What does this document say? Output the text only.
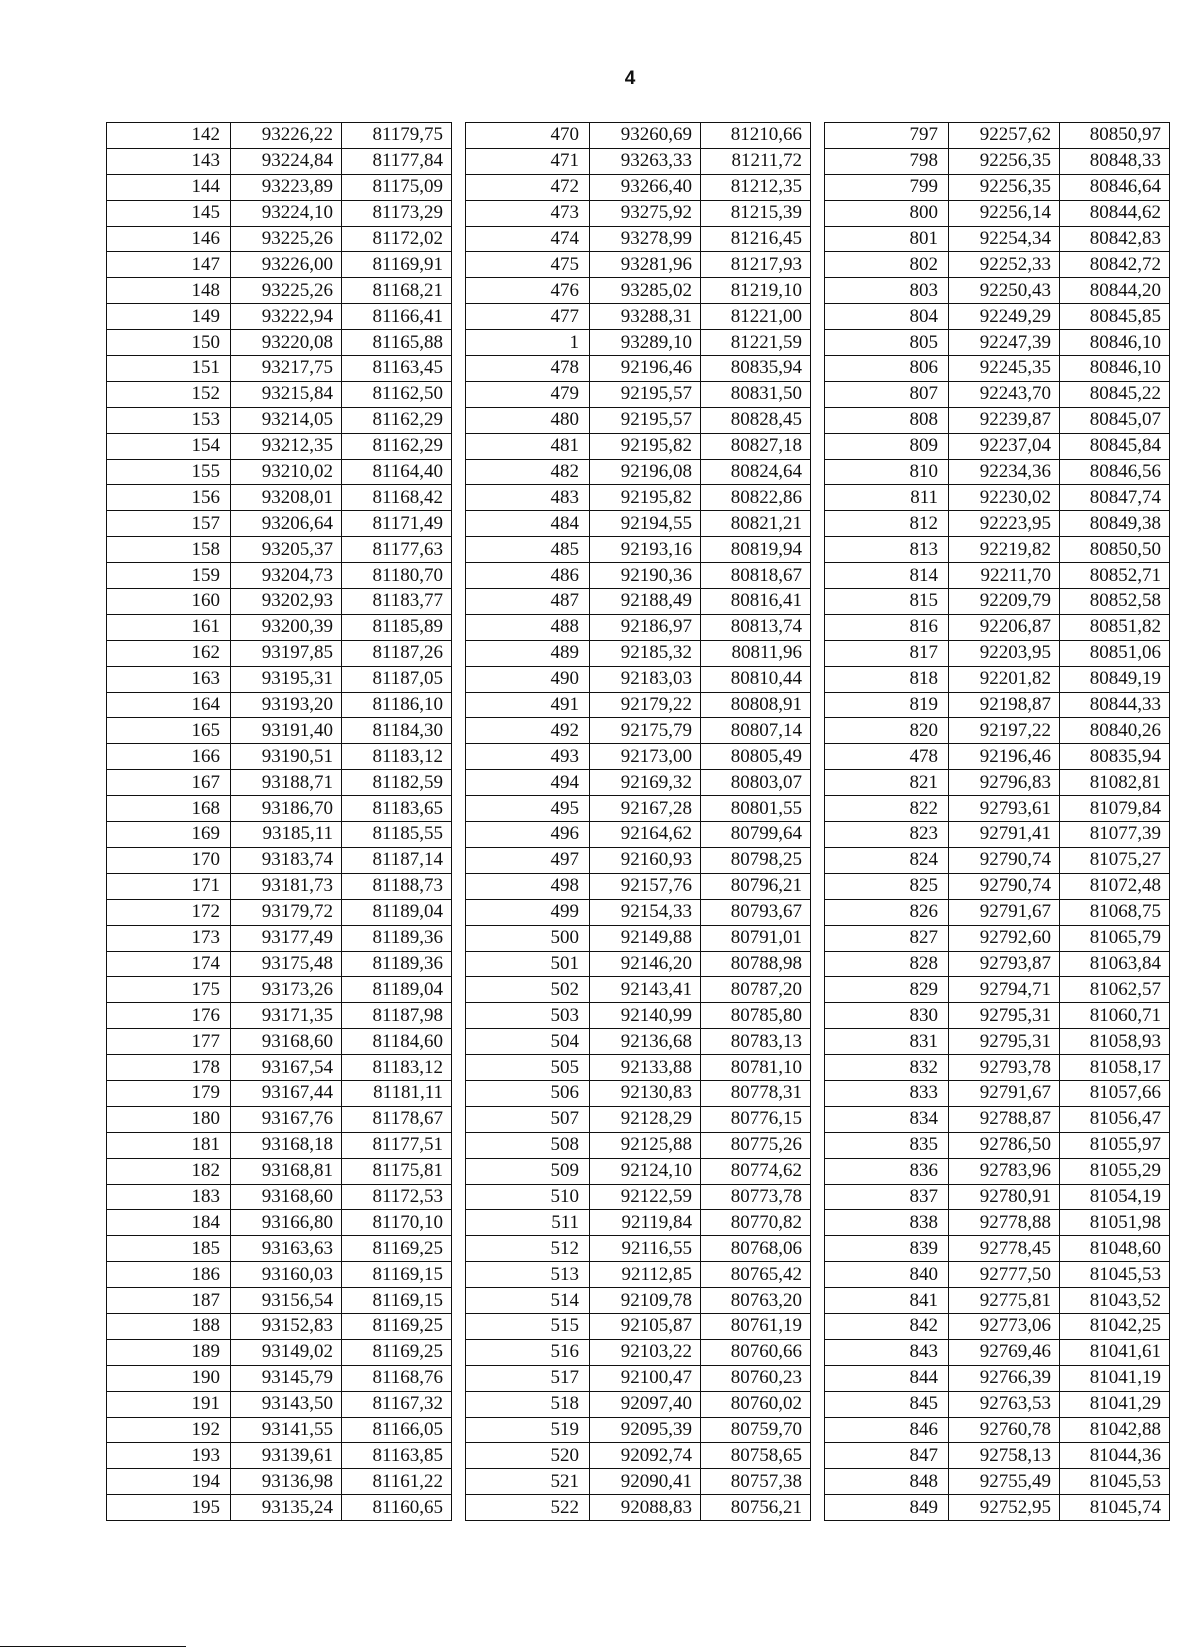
4
142	93226,22	81179,75
143	93224,84	81177,84
144	93223,89	81175,09
145	93224,10	81173,29
146	93225,26	81172,02
147	93226,00	81169,91
148	93225,26	81168,21
149	93222,94	81166,41
150	93220,08	81165,88
151	93217,75	81163,45
152	93215,84	81162,50
153	93214,05	81162,29
154	93212,35	81162,29
155	93210,02	81164,40
156	93208,01	81168,42
157	93206,64	81171,49
158	93205,37	81177,63
159	93204,73	81180,70
160	93202,93	81183,77
161	93200,39	81185,89
162	93197,85	81187,26
163	93195,31	81187,05
164	93193,20	81186,10
165	93191,40	81184,30
166	93190,51	81183,12
167	93188,71	81182,59
168	93186,70	81183,65
169	93185,11	81185,55
170	93183,74	81187,14
171	93181,73	81188,73
172	93179,72	81189,04
173	93177,49	81189,36
174	93175,48	81189,36
175	93173,26	81189,04
176	93171,35	81187,98
177	93168,60	81184,60
178	93167,54	81183,12
179	93167,44	81181,11
180	93167,76	81178,67
181	93168,18	81177,51
182	93168,81	81175,81
183	93168,60	81172,53
184	93166,80	81170,10
185	93163,63	81169,25
186	93160,03	81169,15
187	93156,54	81169,15
188	93152,83	81169,25
189	93149,02	81169,25
190	93145,79	81168,76
191	93143,50	81167,32
192	93141,55	81166,05
193	93139,61	81163,85
194	93136,98	81161,22
195	93135,24	81160,65
470	93260,69	81210,66
471	93263,33	81211,72
472	93266,40	81212,35
473	93275,92	81215,39
474	93278,99	81216,45
475	93281,96	81217,93
476	93285,02	81219,10
477	93288,31	81221,00
1	93289,10	81221,59
478	92196,46	80835,94
479	92195,57	80831,50
480	92195,57	80828,45
481	92195,82	80827,18
482	92196,08	80824,64
483	92195,82	80822,86
484	92194,55	80821,21
485	92193,16	80819,94
486	92190,36	80818,67
487	92188,49	80816,41
488	92186,97	80813,74
489	92185,32	80811,96
490	92183,03	80810,44
491	92179,22	80808,91
492	92175,79	80807,14
493	92173,00	80805,49
494	92169,32	80803,07
495	92167,28	80801,55
496	92164,62	80799,64
497	92160,93	80798,25
498	92157,76	80796,21
499	92154,33	80793,67
500	92149,88	80791,01
501	92146,20	80788,98
502	92143,41	80787,20
503	92140,99	80785,80
504	92136,68	80783,13
505	92133,88	80781,10
506	92130,83	80778,31
507	92128,29	80776,15
508	92125,88	80775,26
509	92124,10	80774,62
510	92122,59	80773,78
511	92119,84	80770,82
512	92116,55	80768,06
513	92112,85	80765,42
514	92109,78	80763,20
515	92105,87	80761,19
516	92103,22	80760,66
517	92100,47	80760,23
518	92097,40	80760,02
519	92095,39	80759,70
520	92092,74	80758,65
521	92090,41	80757,38
522	92088,83	80756,21
797	92257,62	80850,97
798	92256,35	80848,33
799	92256,35	80846,64
800	92256,14	80844,62
801	92254,34	80842,83
802	92252,33	80842,72
803	92250,43	80844,20
804	92249,29	80845,85
805	92247,39	80846,10
806	92245,35	80846,10
807	92243,70	80845,22
808	92239,87	80845,07
809	92237,04	80845,84
810	92234,36	80846,56
811	92230,02	80847,74
812	92223,95	80849,38
813	92219,82	80850,50
814	92211,70	80852,71
815	92209,79	80852,58
816	92206,87	80851,82
817	92203,95	80851,06
818	92201,82	80849,19
819	92198,87	80844,33
820	92197,22	80840,26
478	92196,46	80835,94
821	92796,83	81082,81
822	92793,61	81079,84
823	92791,41	81077,39
824	92790,74	81075,27
825	92790,74	81072,48
826	92791,67	81068,75
827	92792,60	81065,79
828	92793,87	81063,84
829	92794,71	81062,57
830	92795,31	81060,71
831	92795,31	81058,93
832	92793,78	81058,17
833	92791,67	81057,66
834	92788,87	81056,47
835	92786,50	81055,97
836	92783,96	81055,29
837	92780,91	81054,19
838	92778,88	81051,98
839	92778,45	81048,60
840	92777,50	81045,53
841	92775,81	81043,52
842	92773,06	81042,25
843	92769,46	81041,61
844	92766,39	81041,19
845	92763,53	81041,29
846	92760,78	81042,88
847	92758,13	81044,36
848	92755,49	81045,53
849	92752,95	81045,74
